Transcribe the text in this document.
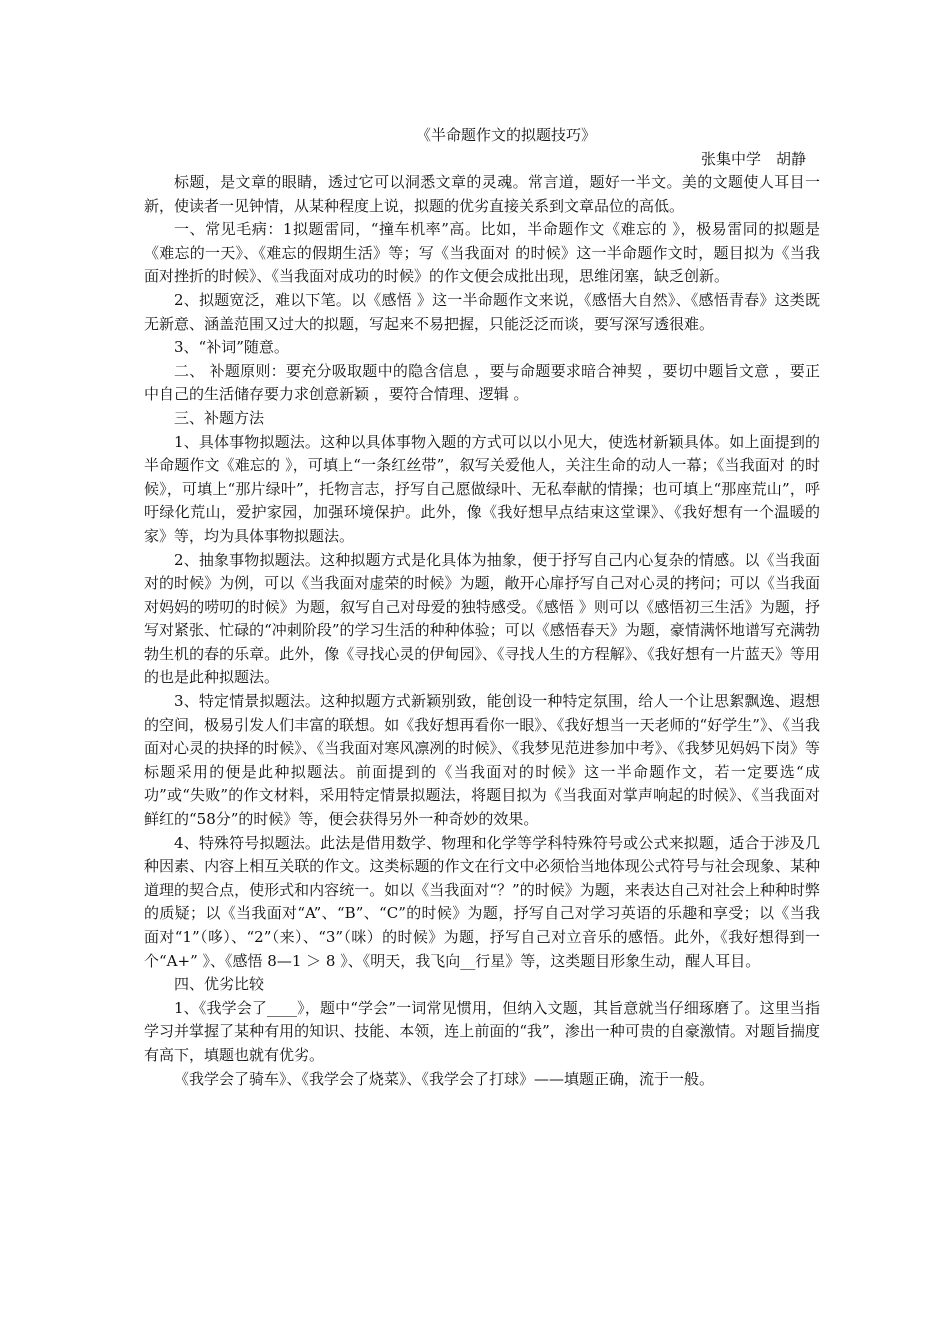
《半命题作文的拟题技巧》

张集中学　胡静

标题，是文章的眼睛，透过它可以洞悉文章的灵魂。常言道，题好一半文。美的文题使人耳目一新，使读者一见钟情，从某种程度上说，拟题的优劣直接关系到文章品位的高低。

一、常见毛病：1拟题雷同，“撞车机率”高。比如，半命题作文《难忘的 》，极易雷同的拟题是《难忘的一天》、《难忘的假期生活》等；写《当我面对 的时候》这一半命题作文时，题目拟为《当我面对挫折的时候》、《当我面对成功的时候》的作文便会成批出现，思维闭塞，缺乏创新。

2、拟题宽泛，难以下笔。以《感悟 》这一半命题作文来说，《感悟大自然》、《感悟青春》这类既无新意、涵盖范围又过大的拟题，写起来不易把握，只能泛泛而谈，要写深写透很难。

3、“补词”随意。

二、 补题原则：要充分吸取题中的隐含信息 ，要与命题要求暗合神契 ，要切中题旨文意 ，要正中自己的生活储存要力求创意新颖 ，要符合情理、逻辑 。

三、补题方法

1、具体事物拟题法。这种以具体事物入题的方式可以以小见大，使选材新颖具体。如上面提到的半命题作文《难忘的 》，可填上“一条红丝带”，叙写关爱他人，关注生命的动人一幕；《当我面对 的时候》，可填上“那片绿叶”，托物言志，抒写自己愿做绿叶、无私奉献的情操；也可填上“那座荒山”，呼吁绿化荒山，爱护家园，加强环境保护。此外，像《我好想早点结束这堂课》、《我好想有一个温暖的家》等，均为具体事物拟题法。

2、抽象事物拟题法。这种拟题方式是化具体为抽象，便于抒写自己内心复杂的情感。以《当我面对的时候》为例，可以《当我面对虚荣的时候》为题，敞开心扉抒写自己对心灵的拷问；可以《当我面对妈妈的唠叨的时候》为题，叙写自己对母爱的独特感受。《感悟 》则可以《感悟初三生活》为题，抒写对紧张、忙碌的“冲刺阶段”的学习生活的种种体验；可以《感悟春天》为题，豪情满怀地谱写充满勃勃生机的春的乐章。此外，像《寻找心灵的伊甸园》、《寻找人生的方程解》、《我好想有一片蓝天》等用的也是此种拟题法。

3、特定情景拟题法。这种拟题方式新颖别致，能创设一种特定氛围，给人一个让思絮飘逸、遐想的空间，极易引发人们丰富的联想。如《我好想再看你一眼》、《我好想当一天老师的“好学生”》、《当我面对心灵的抉择的时候》、《当我面对寒风凛冽的时候》、《我梦见范进参加中考》、《我梦见妈妈下岗》等标题采用的便是此种拟题法。前面提到的《当我面对的时候》这一半命题作文，若一定要选“成功”或“失败”的作文材料，采用特定情景拟题法，将题目拟为《当我面对掌声响起的时候》、《当我面对鲜红的“58分”的时候》等，便会获得另外一种奇妙的效果。

4、特殊符号拟题法。此法是借用数学、物理和化学等学科特殊符号或公式来拟题，适合于涉及几种因素、内容上相互关联的作文。这类标题的作文在行文中必须恰当地体现公式符号与社会现象、某种道理的契合点，使形式和内容统一。如以《当我面对“？”的时候》为题，来表达自己对社会上种种时弊的质疑；以《当我面对“A”、“B”、“C”的时候》为题，抒写自己对学习英语的乐趣和享受；以《当我面对“1”（哆）、“2”（来）、“3”（咪）的时候》为题，抒写自己对立音乐的感悟。此外，《我好想得到一个“A+” 》、《感悟 8—1 ＞ 8 》、《明天，我飞向__行星》等，这类题目形象生动，醒人耳目。

四、优劣比较

1、《我学会了____》，题中“学会”一词常见惯用，但纳入文题，其旨意就当仔细琢磨了。这里当指学习并掌握了某种有用的知识、技能、本领，连上前面的“我”，渗出一种可贵的自豪激情。对题旨揣度有高下，填题也就有优劣。

《我学会了骑车》、《我学会了烧菜》、《我学会了打球》——填题正确，流于一般。
